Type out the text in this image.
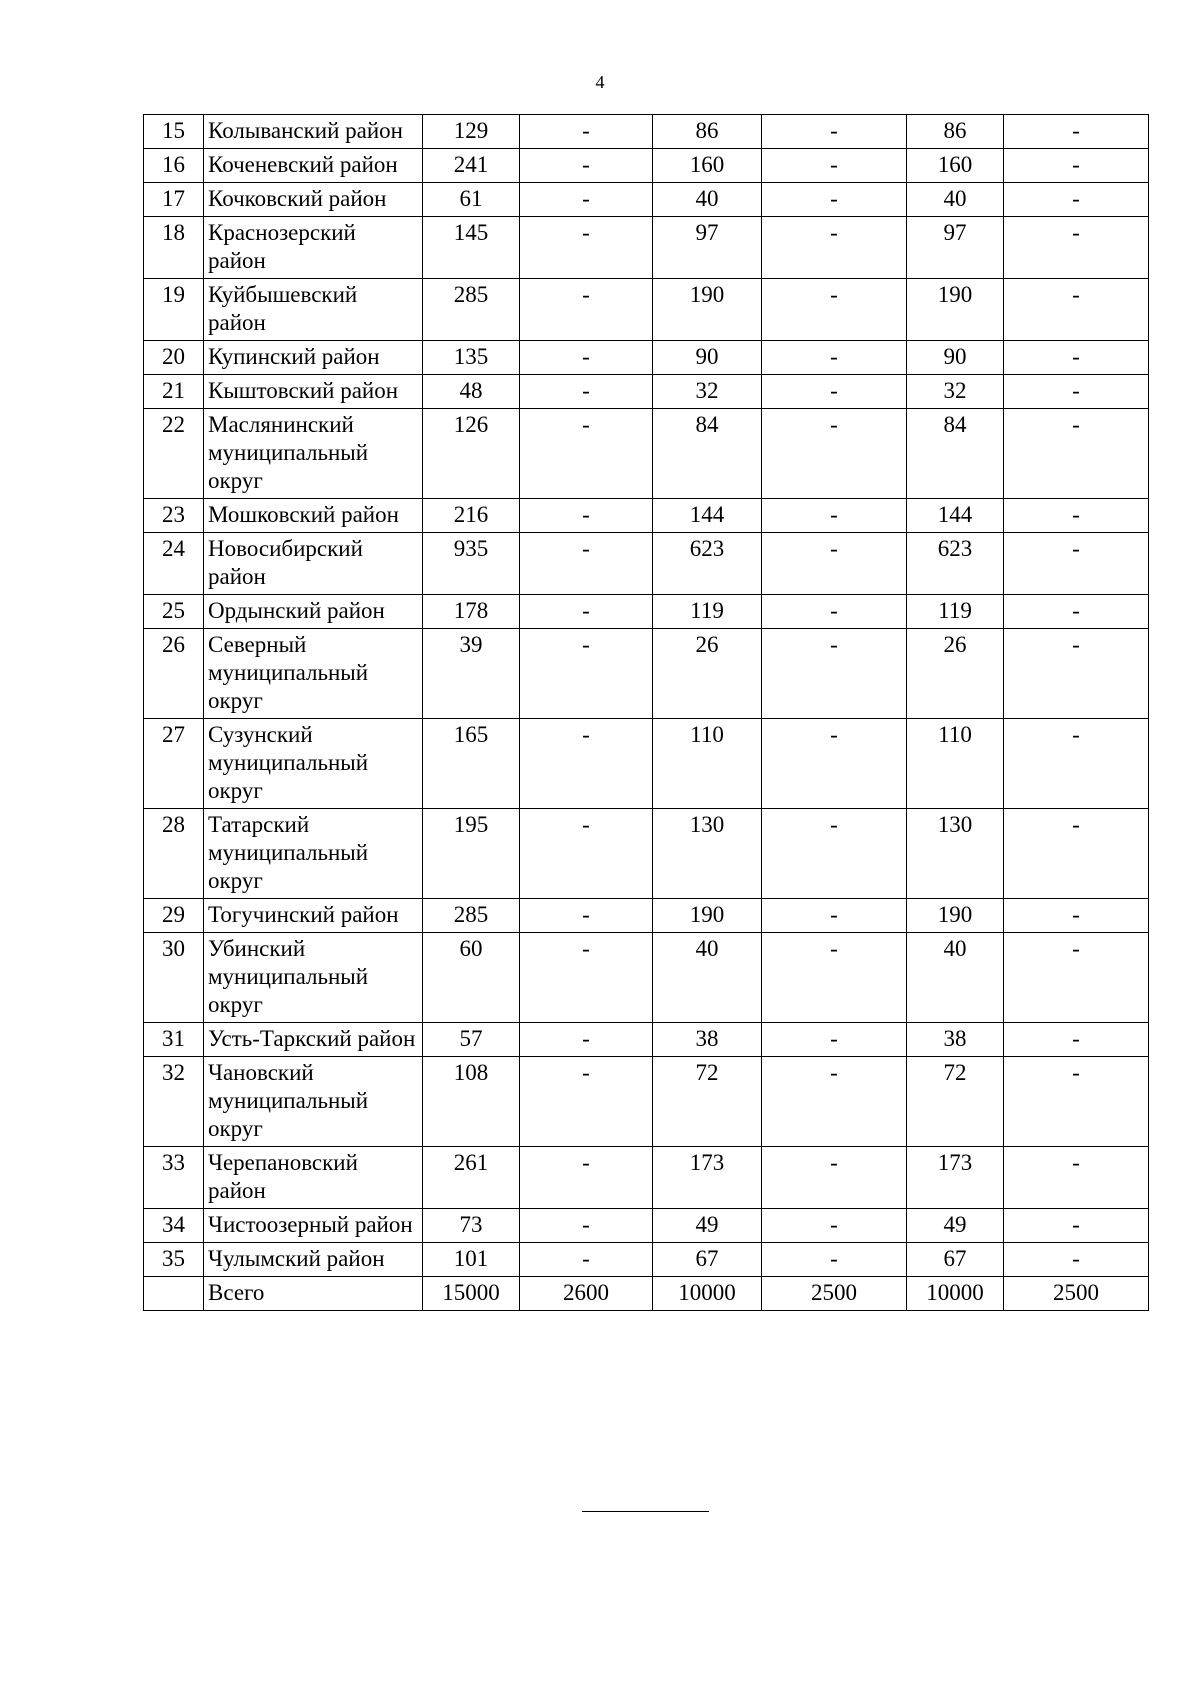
4
15	Колыванский район	129	-	86	-	86	-
16	Коченевский район	241	-	160	-	160	-
17	Кочковский район	61	-	40	-	40	-
18	Краснозерский район	145	-	97	-	97	-
19	Куйбышевский район	285	-	190	-	190	-
20	Купинский район	135	-	90	-	90	-
21	Кыштовский район	48	-	32	-	32	-
22	Маслянинский муниципальный округ	126	-	84	-	84	-
23	Мошковский район	216	-	144	-	144	-
24	Новосибирский район	935	-	623	-	623	-
25	Ордынский район	178	-	119	-	119	-
26	Северный муниципальный округ	39	-	26	-	26	-
27	Сузунский муниципальный округ	165	-	110	-	110	-
28	Татарский муниципальный округ	195	-	130	-	130	-
29	Тогучинский район	285	-	190	-	190	-
30	Убинский муниципальный округ	60	-	40	-	40	-
31	Усть-Таркский район	57	-	38	-	38	-
32	Чановский муниципальный округ	108	-	72	-	72	-
33	Черепановский район	261	-	173	-	173	-
34	Чистоозерный район	73	-	49	-	49	-
35	Чулымский район	101	-	67	-	67	-
	Всего	15000	2600	10000	2500	10000	2500
